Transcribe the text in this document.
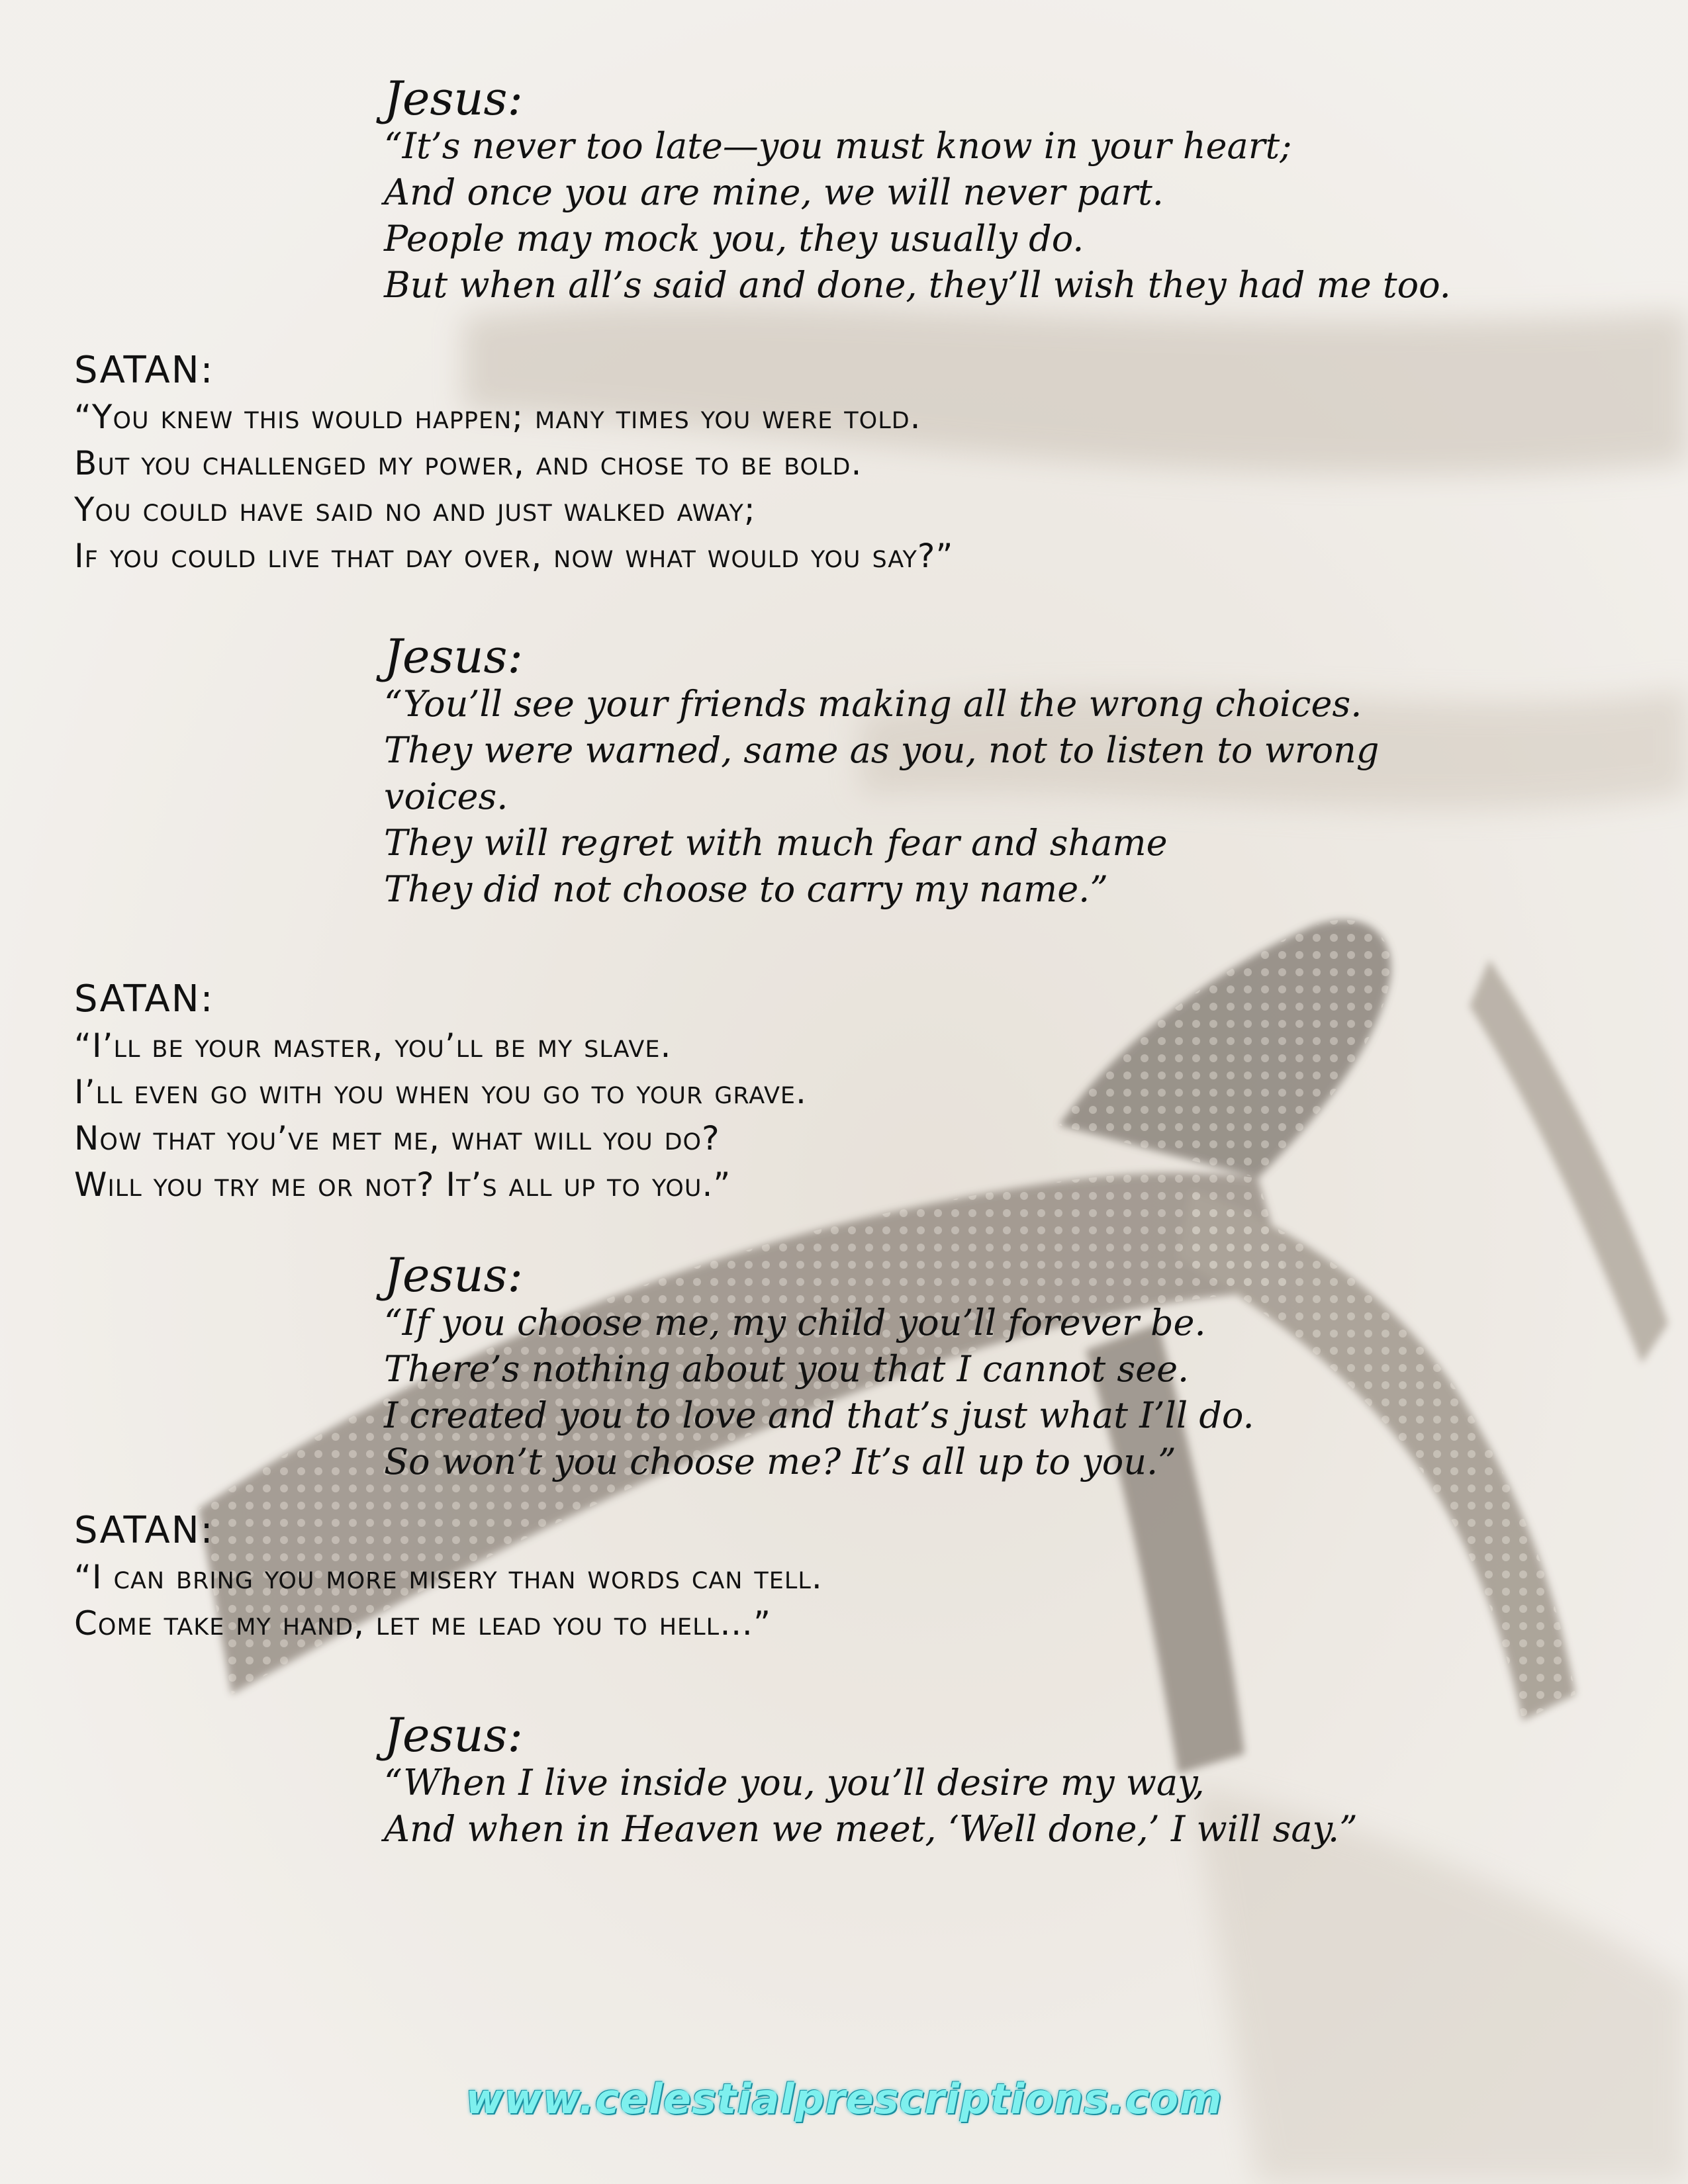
Jesus:

“It’s never too late—you must know in your heart;

And once you are mine, we will never part.

People may mock you, they usually do.

But when all’s said and done, they’ll wish they had me too.

SATAN:

“You knew this would happen; many times you were told.

But you challenged my power, and chose to be bold.

You could have said no and just walked away;

If you could live that day over, now what would you say?”

Jesus:

“You’ll see your friends making all the wrong choices.

They were warned, same as you, not to listen to wrong

voices.

They will regret with much fear and shame

They did not choose to carry my name.”

SATAN:

“I’ll be your master, you’ll be my slave.

I’ll even go with you when you go to your grave.

Now that you’ve met me, what will you do?

Will you try me or not? It’s all up to you.”

Jesus:

“If you choose me, my child you’ll forever be.

There’s nothing about you that I cannot see.

I created you to love and that’s just what I’ll do.

So won’t you choose me? It’s all up to you.”

SATAN:

“I can bring you more misery than words can tell.

Come take my hand, let me lead you to hell…”

Jesus:

“When I live inside you, you’ll desire my way,

And when in Heaven we meet, ‘Well done,’ I will say.”

www.celestialprescriptions.com
